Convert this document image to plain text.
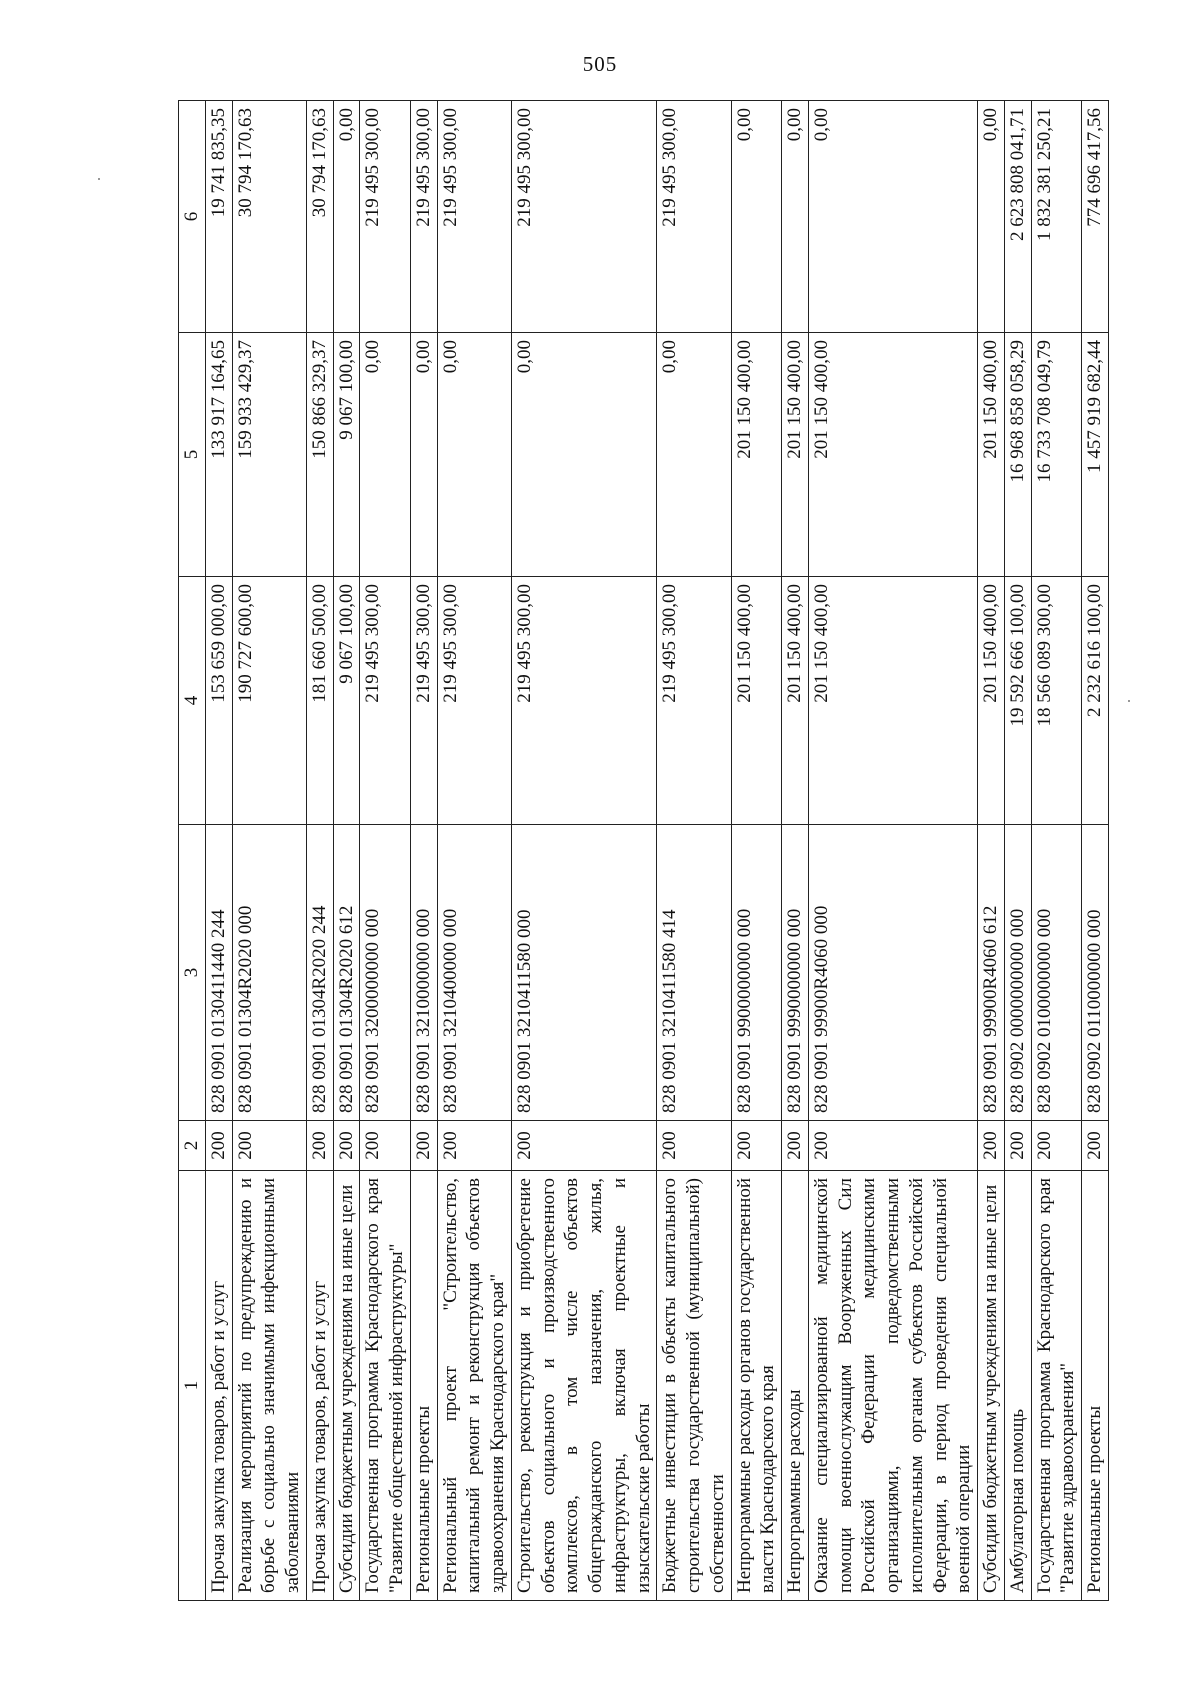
505
1	2	3	4	5	6
Прочая закупка товаров, работ и услуг	200	828 0901 0130411440 244	153 659 000,00	133 917 164,65	19 741 835,35
Реализация мероприятий по предупреждению и борьбе с социально значимыми инфекционными заболеваниями	200	828 0901 01304R2020 000	190 727 600,00	159 933 429,37	30 794 170,63
Прочая закупка товаров, работ и услуг	200	828 0901 01304R2020 244	181 660 500,00	150 866 329,37	30 794 170,63
Субсидии бюджетным учреждениям на иные цели	200	828 0901 01304R2020 612	9 067 100,00	9 067 100,00	0,00
Государственная программа Краснодарского края "Развитие общественной инфраструктуры"	200	828 0901 3200000000 000	219 495 300,00	0,00	219 495 300,00
Региональные проекты	200	828 0901 3210000000 000	219 495 300,00	0,00	219 495 300,00
Региональный проект "Строительство, капитальный ремонт и реконструкция объектов здравоохранения Краснодарского края"	200	828 0901 3210400000 000	219 495 300,00	0,00	219 495 300,00
Строительство, реконструкция и приобретение объектов социального и производственного комплексов, в том числе объектов общегражданского назначения, жилья, инфраструктуры, включая проектные и изыскательские работы	200	828 0901 3210411580 000	219 495 300,00	0,00	219 495 300,00
Бюджетные инвестиции в объекты капитального строительства государственной (муниципальной) собственности	200	828 0901 3210411580 414	219 495 300,00	0,00	219 495 300,00
Непрограммные расходы органов государственной власти Краснодарского края	200	828 0901 9900000000 000	201 150 400,00	201 150 400,00	0,00
Непрограммные расходы	200	828 0901 9990000000 000	201 150 400,00	201 150 400,00	0,00
Оказание специализированной медицинской помощи военнослужащим Вооруженных Сил Российской Федерации медицинскими организациями, подведомственными исполнительным органам субъектов Российской Федерации, в период проведения специальной военной операции	200	828 0901 99900R4060 000	201 150 400,00	201 150 400,00	0,00
Субсидии бюджетным учреждениям на иные цели	200	828 0901 99900R4060 612	201 150 400,00	201 150 400,00	0,00
Амбулаторная помощь	200	828 0902 0000000000 000	19 592 666 100,00	16 968 858 058,29	2 623 808 041,71
Государственная программа Краснодарского края "Развитие здравоохранения"	200	828 0902 0100000000 000	18 566 089 300,00	16 733 708 049,79	1 832 381 250,21
Региональные проекты	200	828 0902 0110000000 000	2 232 616 100,00	1 457 919 682,44	774 696 417,56
